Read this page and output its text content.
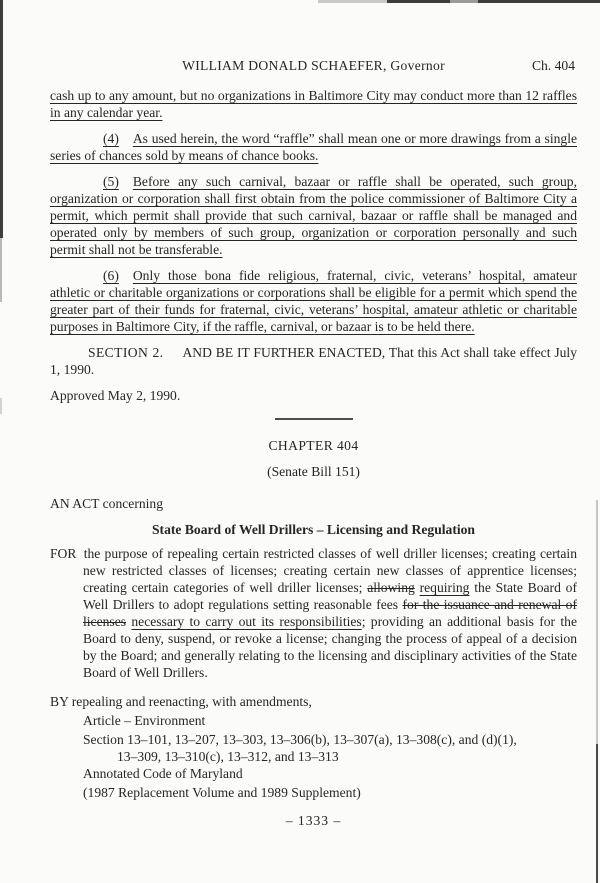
WILLIAM DONALD SCHAEFER, Governor	Ch. 404

cash up to any amount, but no organizations in Baltimore City may conduct more than 12 raffles in any calendar year.

(4) As used herein, the word “raffle” shall mean one or more drawings from a single series of chances sold by means of chance books.

(5) Before any such carnival, bazaar or raffle shall be operated, such group, organization or corporation shall first obtain from the police commissioner of Baltimore City a permit, which permit shall provide that such carnival, bazaar or raffle shall be managed and operated only by members of such group, organization or corporation personally and such permit shall not be transferable.

(6) Only those bona fide religious, fraternal, civic, veterans’ hospital, amateur athletic or charitable organizations or corporations shall be eligible for a permit which spend the greater part of their funds for fraternal, civic, veterans’ hospital, amateur athletic or charitable purposes in Baltimore City, if the raffle, carnival, or bazaar is to be held there.

SECTION 2. AND BE IT FURTHER ENACTED, That this Act shall take effect July 1, 1990.

Approved May 2, 1990.

CHAPTER 404

(Senate Bill 151)

AN ACT concerning

State Board of Well Drillers – Licensing and Regulation

FOR the purpose of repealing certain restricted classes of well driller licenses; creating certain new restricted classes of licenses; creating certain new classes of apprentice licenses; creating certain categories of well driller licenses; allowing requiring the State Board of Well Drillers to adopt regulations setting reasonable fees for the issuance and renewal of licenses necessary to carry out its responsibilities; providing an additional basis for the Board to deny, suspend, or revoke a license; changing the process of appeal of a decision by the Board; and generally relating to the licensing and disciplinary activities of the State Board of Well Drillers.

BY repealing and reenacting, with amendments,

Article – Environment

Section 13–101, 13–207, 13–303, 13–306(b), 13–307(a), 13–308(c), and (d)(1),

13–309, 13–310(c), 13–312, and 13–313

Annotated Code of Maryland

(1987 Replacement Volume and 1989 Supplement)

– 1333 –
